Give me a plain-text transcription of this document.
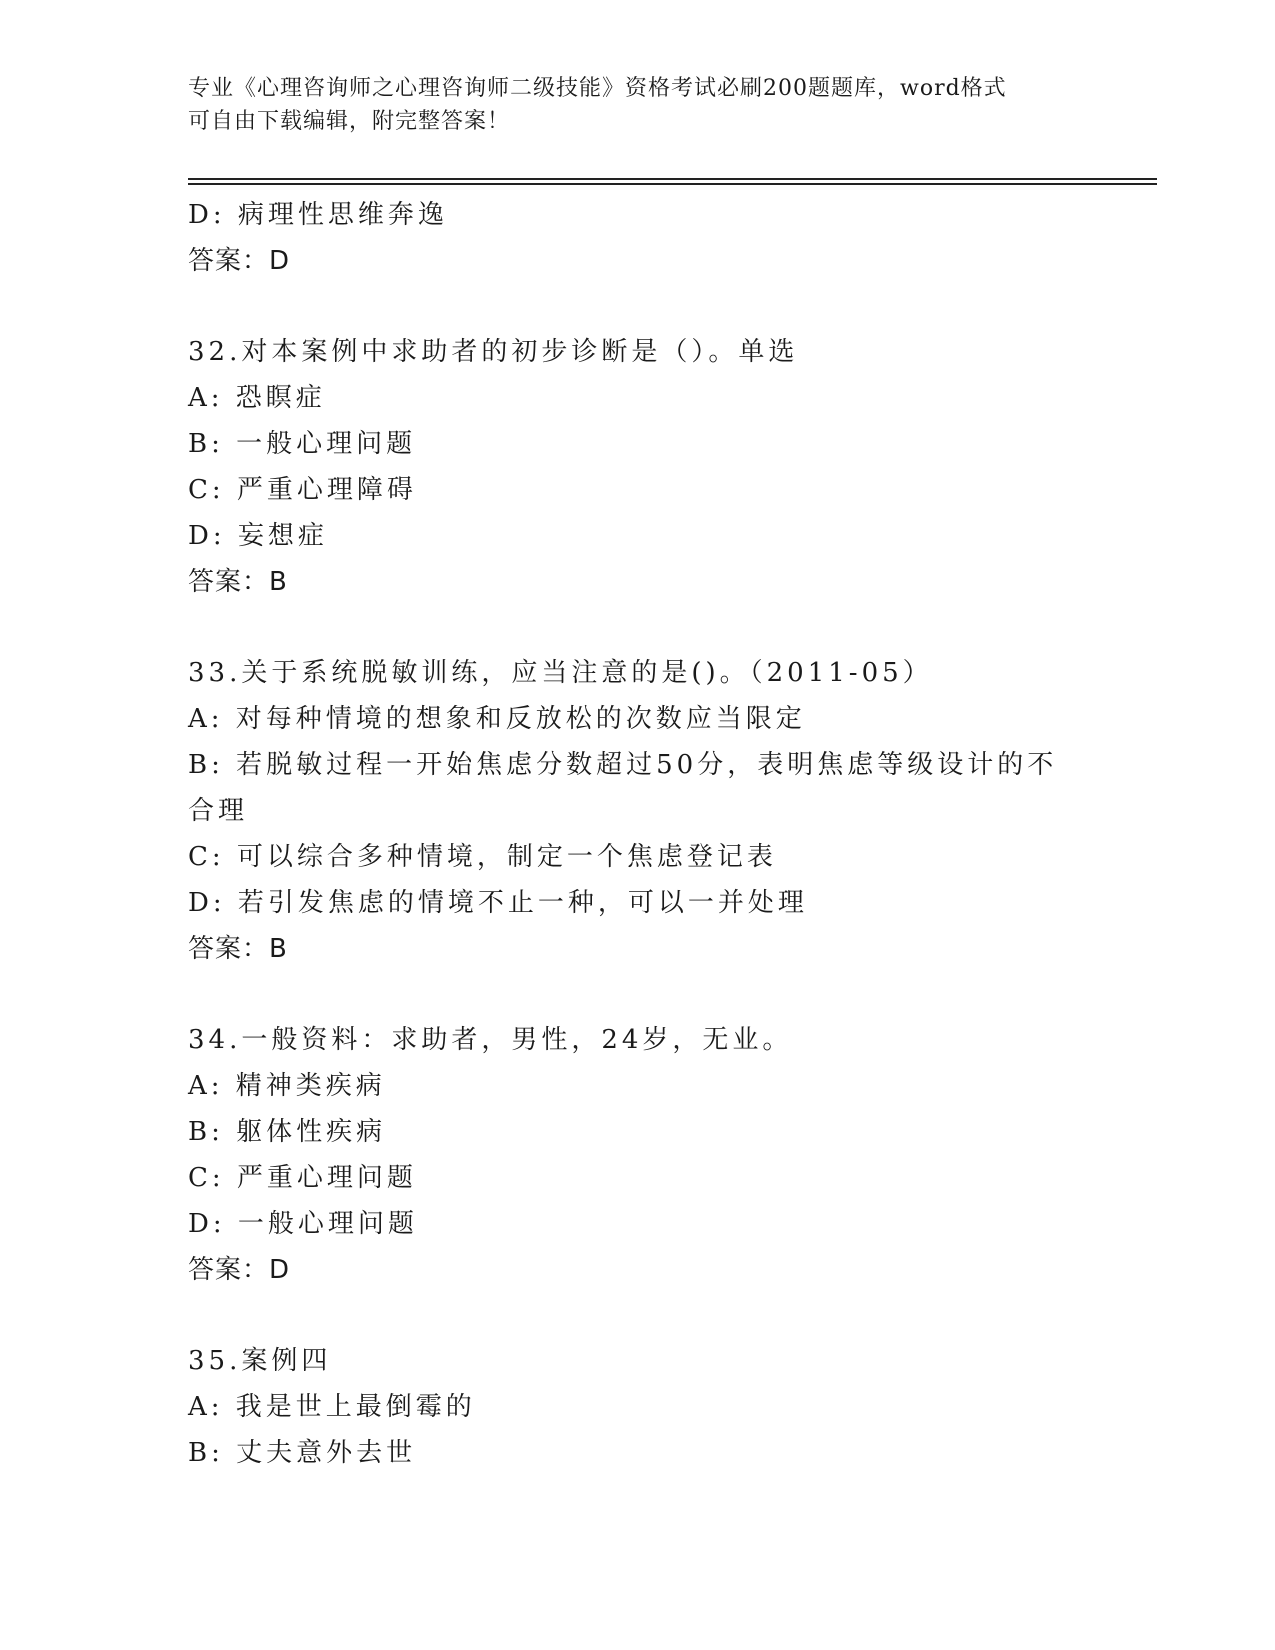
专业《心理咨询师之心理咨询师二级技能》资格考试必刷200题题库，word格式
可自由下载编辑，附完整答案！
D: 病理性思维奔逸
答案：D
32.对本案例中求助者的初步诊断是（）。单选
A: 恐瞑症
B: 一般心理问题
C: 严重心理障碍
D: 妄想症
答案：B
33.关于系统脱敏训练，应当注意的是()。（2011-05）
A: 对每种情境的想象和反放松的次数应当限定
B: 若脱敏过程一开始焦虑分数超过50分，表明焦虑等级设计的不合理
C: 可以综合多种情境，制定一个焦虑登记表
D: 若引发焦虑的情境不止一种，可以一并处理
答案：B
34.一般资料：求助者，男性，24岁，无业。
A: 精神类疾病
B: 躯体性疾病
C: 严重心理问题
D: 一般心理问题
答案：D
35.案例四
A: 我是世上最倒霉的
B: 丈夫意外去世
